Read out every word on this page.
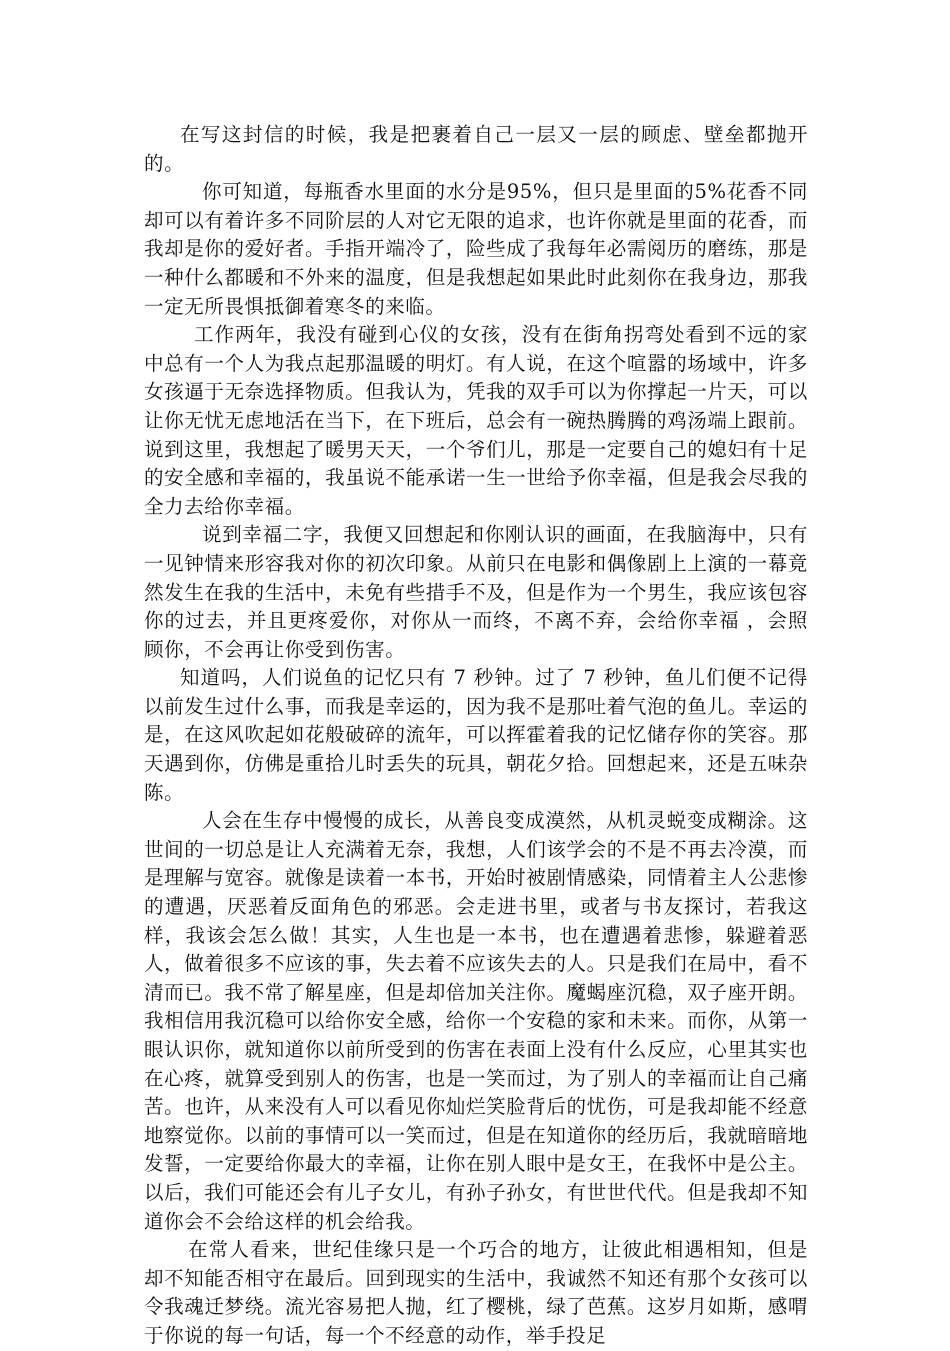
在写这封信的时候，我是把裹着自己一层又一层的顾虑、壁垒都抛开的。

你可知道，每瓶香水里面的水分是95%，但只是里面的5%花香不同却可以有着许多不同阶层的人对它无限的追求，也许你就是里面的花香，而我却是你的爱好者。手指开端冷了，险些成了我每年必需阅历的磨练，那是一种什么都暖和不外来的温度，但是我想起如果此时此刻你在我身边，那我一定无所畏惧抵御着寒冬的来临。

工作两年，我没有碰到心仪的女孩，没有在街角拐弯处看到不远的家中总有一个人为我点起那温暖的明灯。有人说，在这个喧嚣的场域中，许多女孩逼于无奈选择物质。但我认为，凭我的双手可以为你撑起一片天，可以让你无忧无虑地活在当下，在下班后，总会有一碗热腾腾的鸡汤端上跟前。说到这里，我想起了暖男天天，一个爷们儿，那是一定要自己的媳妇有十足的安全感和幸福的，我虽说不能承诺一生一世给予你幸福，但是我会尽我的全力去给你幸福。

说到幸福二字，我便又回想起和你刚认识的画面，在我脑海中，只有一见钟情来形容我对你的初次印象。从前只在电影和偶像剧上上演的一幕竟然发生在我的生活中，未免有些措手不及，但是作为一个男生，我应该包容你的过去，并且更疼爱你，对你从一而终，不离不弃，会给你幸福 ，会照顾你，不会再让你受到伤害。

知道吗，人们说鱼的记忆只有 7 秒钟。过了 7 秒钟，鱼儿们便不记得以前发生过什么事，而我是幸运的，因为我不是那吐着气泡的鱼儿。幸运的是，在这风吹起如花般破碎的流年，可以挥霍着我的记忆储存你的笑容。那天遇到你，仿佛是重拾儿时丢失的玩具，朝花夕拾。回想起来，还是五味杂陈。

人会在生存中慢慢的成长，从善良变成漠然，从机灵蜕变成糊涂。这世间的一切总是让人充满着无奈，我想，人们该学会的不是不再去冷漠，而是理解与宽容。就像是读着一本书，开始时被剧情感染，同情着主人公悲惨的遭遇，厌恶着反面角色的邪恶。会走进书里，或者与书友探讨，若我这样，我该会怎么做！其实，人生也是一本书，也在遭遇着悲惨，躲避着恶人，做着很多不应该的事，失去着不应该失去的人。只是我们在局中，看不清而已。我不常了解星座，但是却倍加关注你。魔蝎座沉稳，双子座开朗。我相信用我沉稳可以给你安全感，给你一个安稳的家和未来。而你，从第一眼认识你，就知道你以前所受到的伤害在表面上没有什么反应，心里其实也在心疼，就算受到别人的伤害，也是一笑而过，为了别人的幸福而让自己痛苦。也许，从来没有人可以看见你灿烂笑脸背后的忧伤，可是我却能不经意地察觉你。以前的事情可以一笑而过，但是在知道你的经历后，我就暗暗地发誓，一定要给你最大的幸福，让你在别人眼中是女王，在我怀中是公主。以后，我们可能还会有儿子女儿，有孙子孙女，有世世代代。但是我却不知道你会不会给这样的机会给我。

在常人看来，世纪佳缘只是一个巧合的地方，让彼此相遇相知，但是却不知能否相守在最后。回到现实的生活中，我诚然不知还有那个女孩可以令我魂迁梦绕。流光容易把人抛，红了樱桃，绿了芭蕉。这岁月如斯，感喟于你说的每一句话，每一个不经意的动作，举手投足
